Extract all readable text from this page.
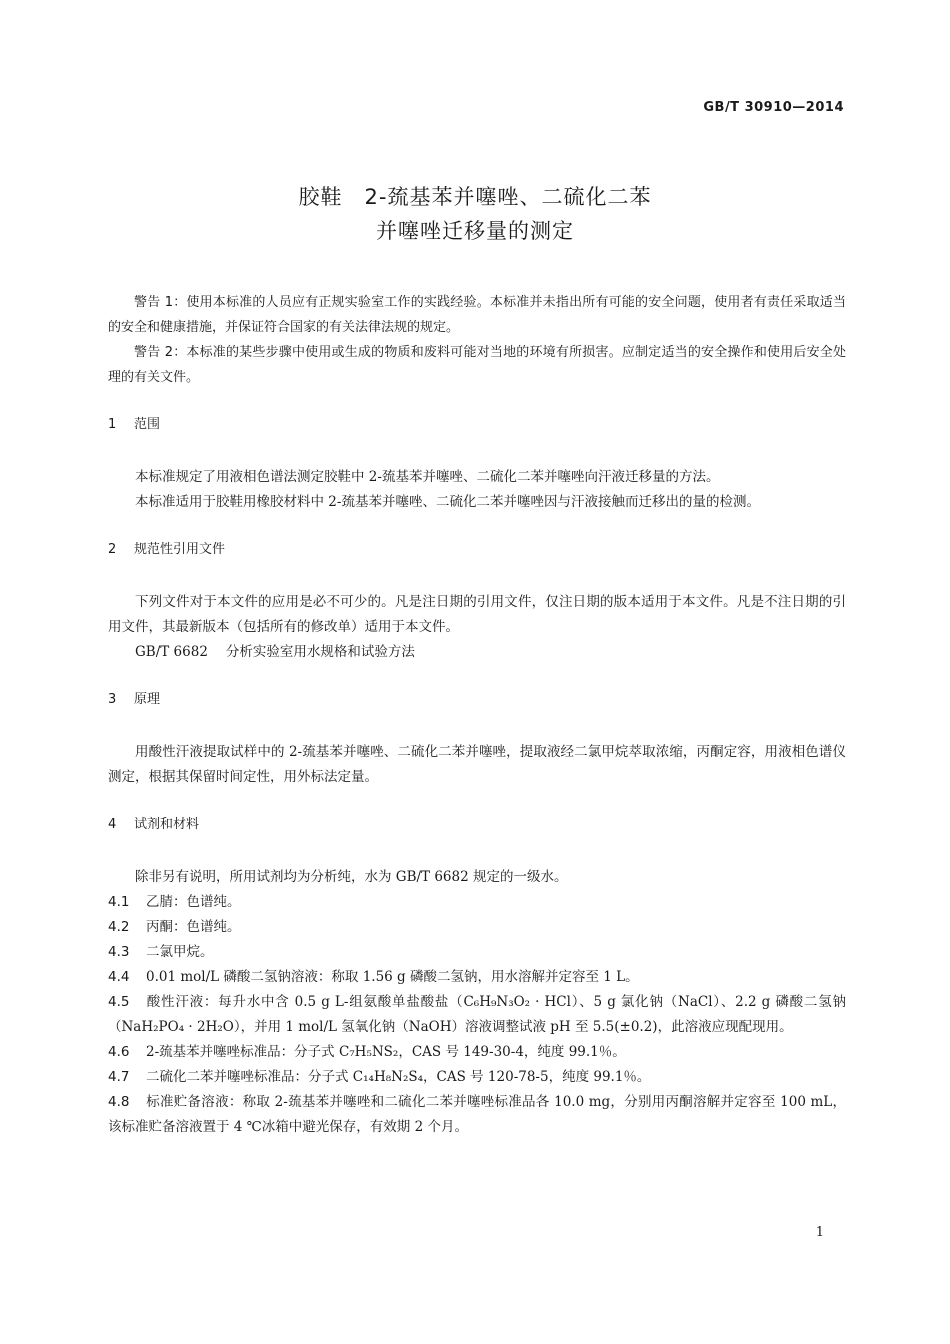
GB/T 30910—2014
胶鞋　2-巯基苯并噻唑、二硫化二苯
并噻唑迁移量的测定

警告 1：使用本标准的人员应有正规实验室工作的实践经验。本标准并未指出所有可能的安全问题，使用者有责任采取适当的安全和健康措施，并保证符合国家的有关法律法规的规定。

警告 2：本标准的某些步骤中使用或生成的物质和废料可能对当地的环境有所损害。应制定适当的安全操作和使用后安全处理的有关文件。

1 范围

本标准规定了用液相色谱法测定胶鞋中 2-巯基苯并噻唑、二硫化二苯并噻唑向汗液迁移量的方法。

本标准适用于胶鞋用橡胶材料中 2-巯基苯并噻唑、二硫化二苯并噻唑因与汗液接触而迁移出的量的检测。

2 规范性引用文件

下列文件对于本文件的应用是必不可少的。凡是注日期的引用文件，仅注日期的版本适用于本文件。凡是不注日期的引用文件，其最新版本（包括所有的修改单）适用于本文件。

GB/T 6682 分析实验室用水规格和试验方法

3 原理

用酸性汗液提取试样中的 2-巯基苯并噻唑、二硫化二苯并噻唑，提取液经二氯甲烷萃取浓缩，丙酮定容，用液相色谱仪测定，根据其保留时间定性，用外标法定量。

4 试剂和材料

除非另有说明，所用试剂均为分析纯，水为 GB/T 6682 规定的一级水。

4.1 乙腈：色谱纯。

4.2 丙酮：色谱纯。

4.3 二氯甲烷。

4.4 0.01 mol/L 磷酸二氢钠溶液：称取 1.56 g 磷酸二氢钠，用水溶解并定容至 1 L。

4.5 酸性汗液：每升水中含 0.5 g L-组氨酸单盐酸盐（C₆H₉N₃O₂ · HCl）、5 g 氯化钠（NaCl）、2.2 g 磷酸二氢钠（NaH₂PO₄ · 2H₂O），并用 1 mol/L 氢氧化钠（NaOH）溶液调整试液 pH 至 5.5(±0.2)，此溶液应现配现用。

4.6 2-巯基苯并噻唑标准品：分子式 C₇H₅NS₂，CAS 号 149-30-4，纯度 99.1％。

4.7 二硫化二苯并噻唑标准品：分子式 C₁₄H₈N₂S₄，CAS 号 120-78-5，纯度 99.1％。

4.8 标准贮备溶液：称取 2-巯基苯并噻唑和二硫化二苯并噻唑标准品各 10.0 mg，分别用丙酮溶解并定容至 100 mL，该标准贮备溶液置于 4 ℃冰箱中避光保存，有效期 2 个月。

1
